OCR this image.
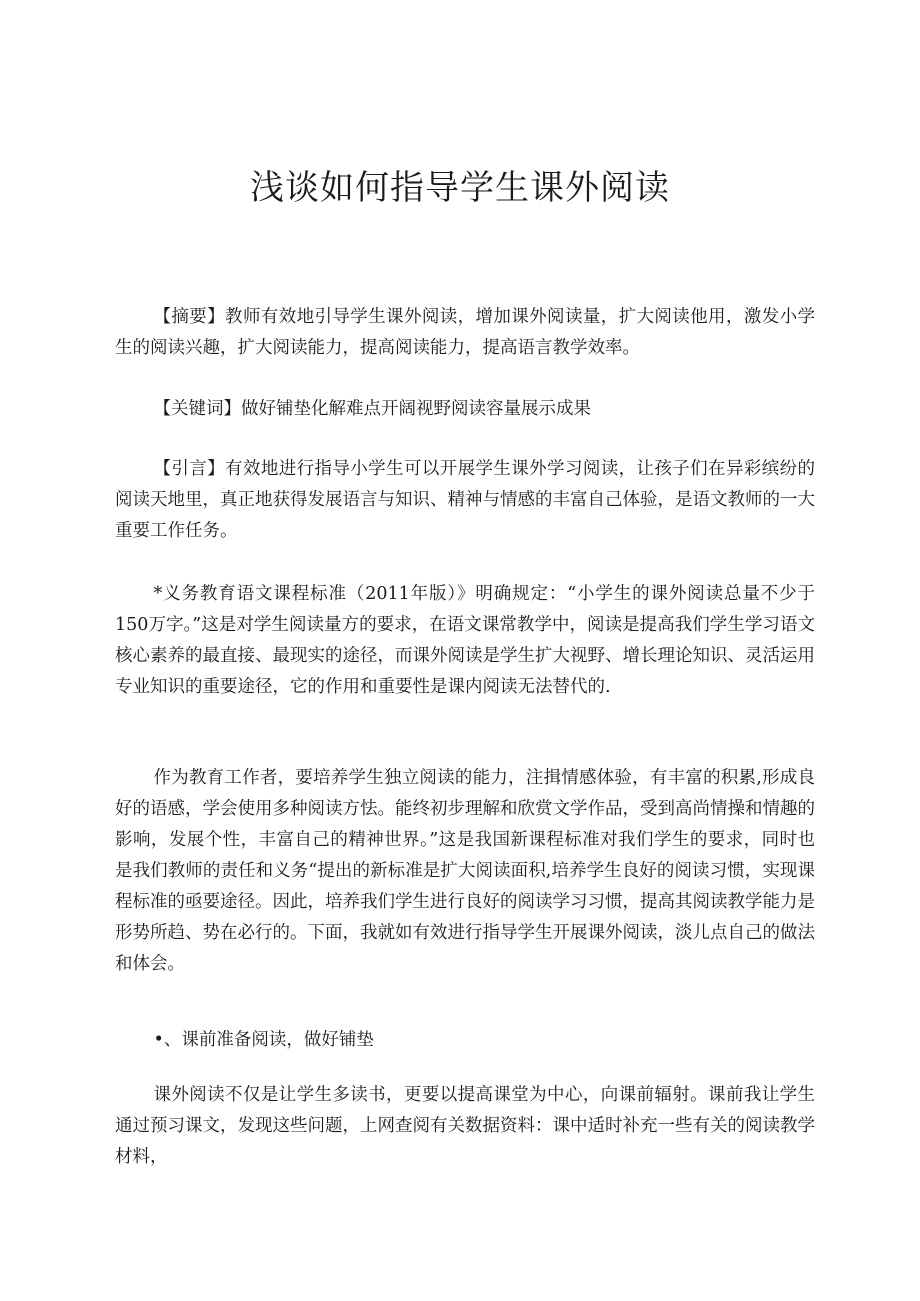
浅谈如何指导学生课外阅读

【摘要】教师有效地引导学生课外阅读，增加课外阅读量，扩大阅读他用，激发小学生的阅读兴趣，扩大阅读能力，提高阅读能力，提高语言教学效率。

【关键词】做好铺垫化解难点开阔视野阅读容量展示成果

【引言】有效地进行指导小学生可以开展学生课外学习阅读，让孩子们在异彩缤纷的阅读天地里，真正地获得发展语言与知识、精神与情感的丰富自己体验，是语文教师的一大重要工作任务。

*义务教育语文课程标准（2011年版）》明确规定：“小学生的课外阅读总量不少于150万字。”这是对学生阅读量方的要求，在语文课常教学中，阅读是提高我们学生学习语文核心素养的最直接、最现实的途径，而课外阅读是学生扩大视野、增长理论知识、灵活运用专业知识的重要途径，它的作用和重要性是课内阅读无法替代的.

作为教育工作者，要培养学生独立阅读的能力，注揖情感体验，有丰富的积累,形成良好的语感，学会使用多种阅读方怯。能终初步理解和欣赏文学作品，受到高尚情操和情趣的影响，发展个性，丰富自己的精神世界。”这是我国新课程标准对我们学生的要求，同时也是我们教师的责任和义务“提出的新标准是扩大阅读面积,培养学生良好的阅读习惯，实现课程标准的亟要途径。因此，培养我们学生进行良好的阅读学习习惯，提高其阅读教学能力是形势所趋、势在必行的。下面，我就如有效进行指导学生开展课外阅读，淡儿点自己的做法和体会。

•、课前准备阅读，做好铺垫

课外阅读不仅是让学生多读书，更要以提高课堂为中心，向课前辐射。课前我让学生通过预习课文，发现这些问题，上网查阅有关数据资料：课中适时补充一些有关的阅读教学材料，
